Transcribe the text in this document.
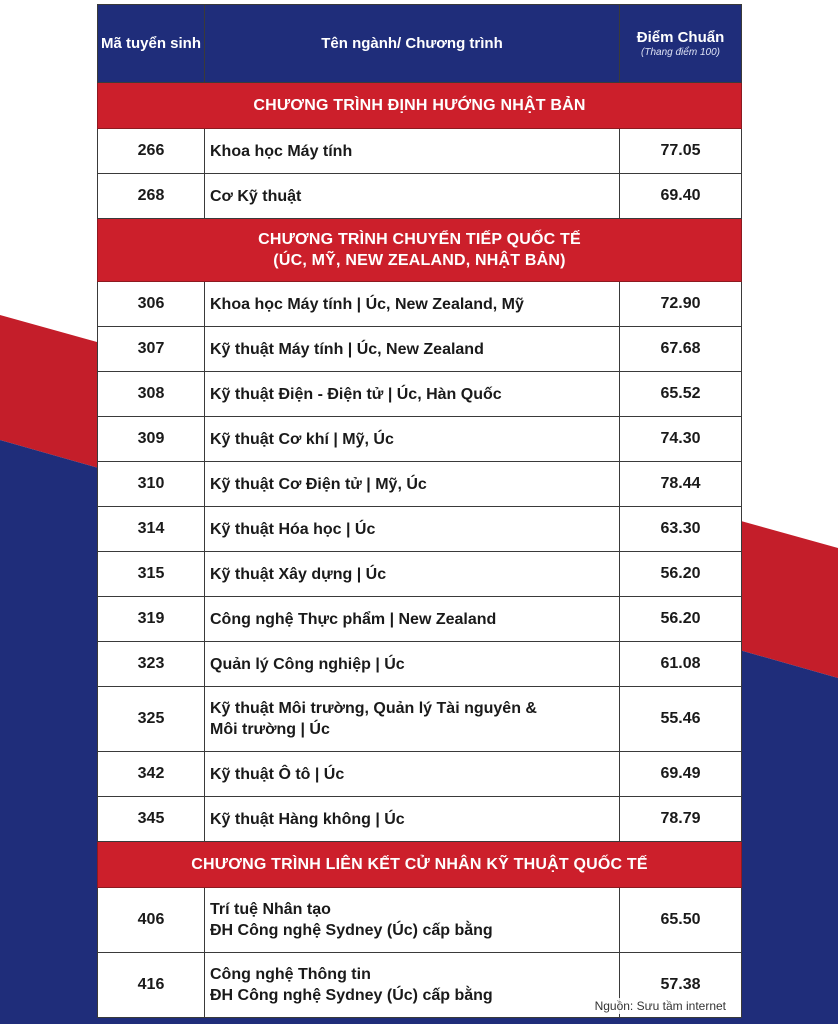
Mã tuyển sinh	Tên ngành/ Chương trình	Điểm Chuẩn
(Thang điểm 100)

CHƯƠNG TRÌNH ĐỊNH HƯỚNG NHẬT BẢN		
266	Khoa học Máy tính	77.05
268	Cơ Kỹ thuật	69.40

CHƯƠNG TRÌNH CHUYỂN TIẾP QUỐC TẾ
(ÚC, MỸ, NEW ZEALAND, NHẬT BẢN)		

306	Khoa học Máy tính | Úc, New Zealand, Mỹ	72.90
307	Kỹ thuật Máy tính | Úc, New Zealand	67.68
308	Kỹ thuật Điện - Điện tử | Úc, Hàn Quốc	65.52
309	Kỹ thuật Cơ khí | Mỹ, Úc	74.30
310	Kỹ thuật Cơ Điện tử | Mỹ, Úc	78.44
314	Kỹ thuật Hóa học | Úc	63.30
315	Kỹ thuật Xây dựng | Úc	56.20
319	Công nghệ Thực phẩm | New Zealand	56.20
323	Quản lý Công nghiệp | Úc	61.08
325	Kỹ thuật Môi trường, Quản lý Tài nguyên &
Môi trường | Úc	55.46
342	Kỹ thuật Ô tô | Úc	69.49
345	Kỹ thuật Hàng không | Úc	78.79
CHƯƠNG TRÌNH LIÊN KẾT CỬ NHÂN KỸ THUẬT QUỐC TẾ		
406	Trí tuệ Nhân tạo
ĐH Công nghệ Sydney (Úc) cấp bằng	65.50
416	Công nghệ Thông tin
ĐH Công nghệ Sydney (Úc) cấp bằng	57.38
Nguồn: Sưu tầm internet
